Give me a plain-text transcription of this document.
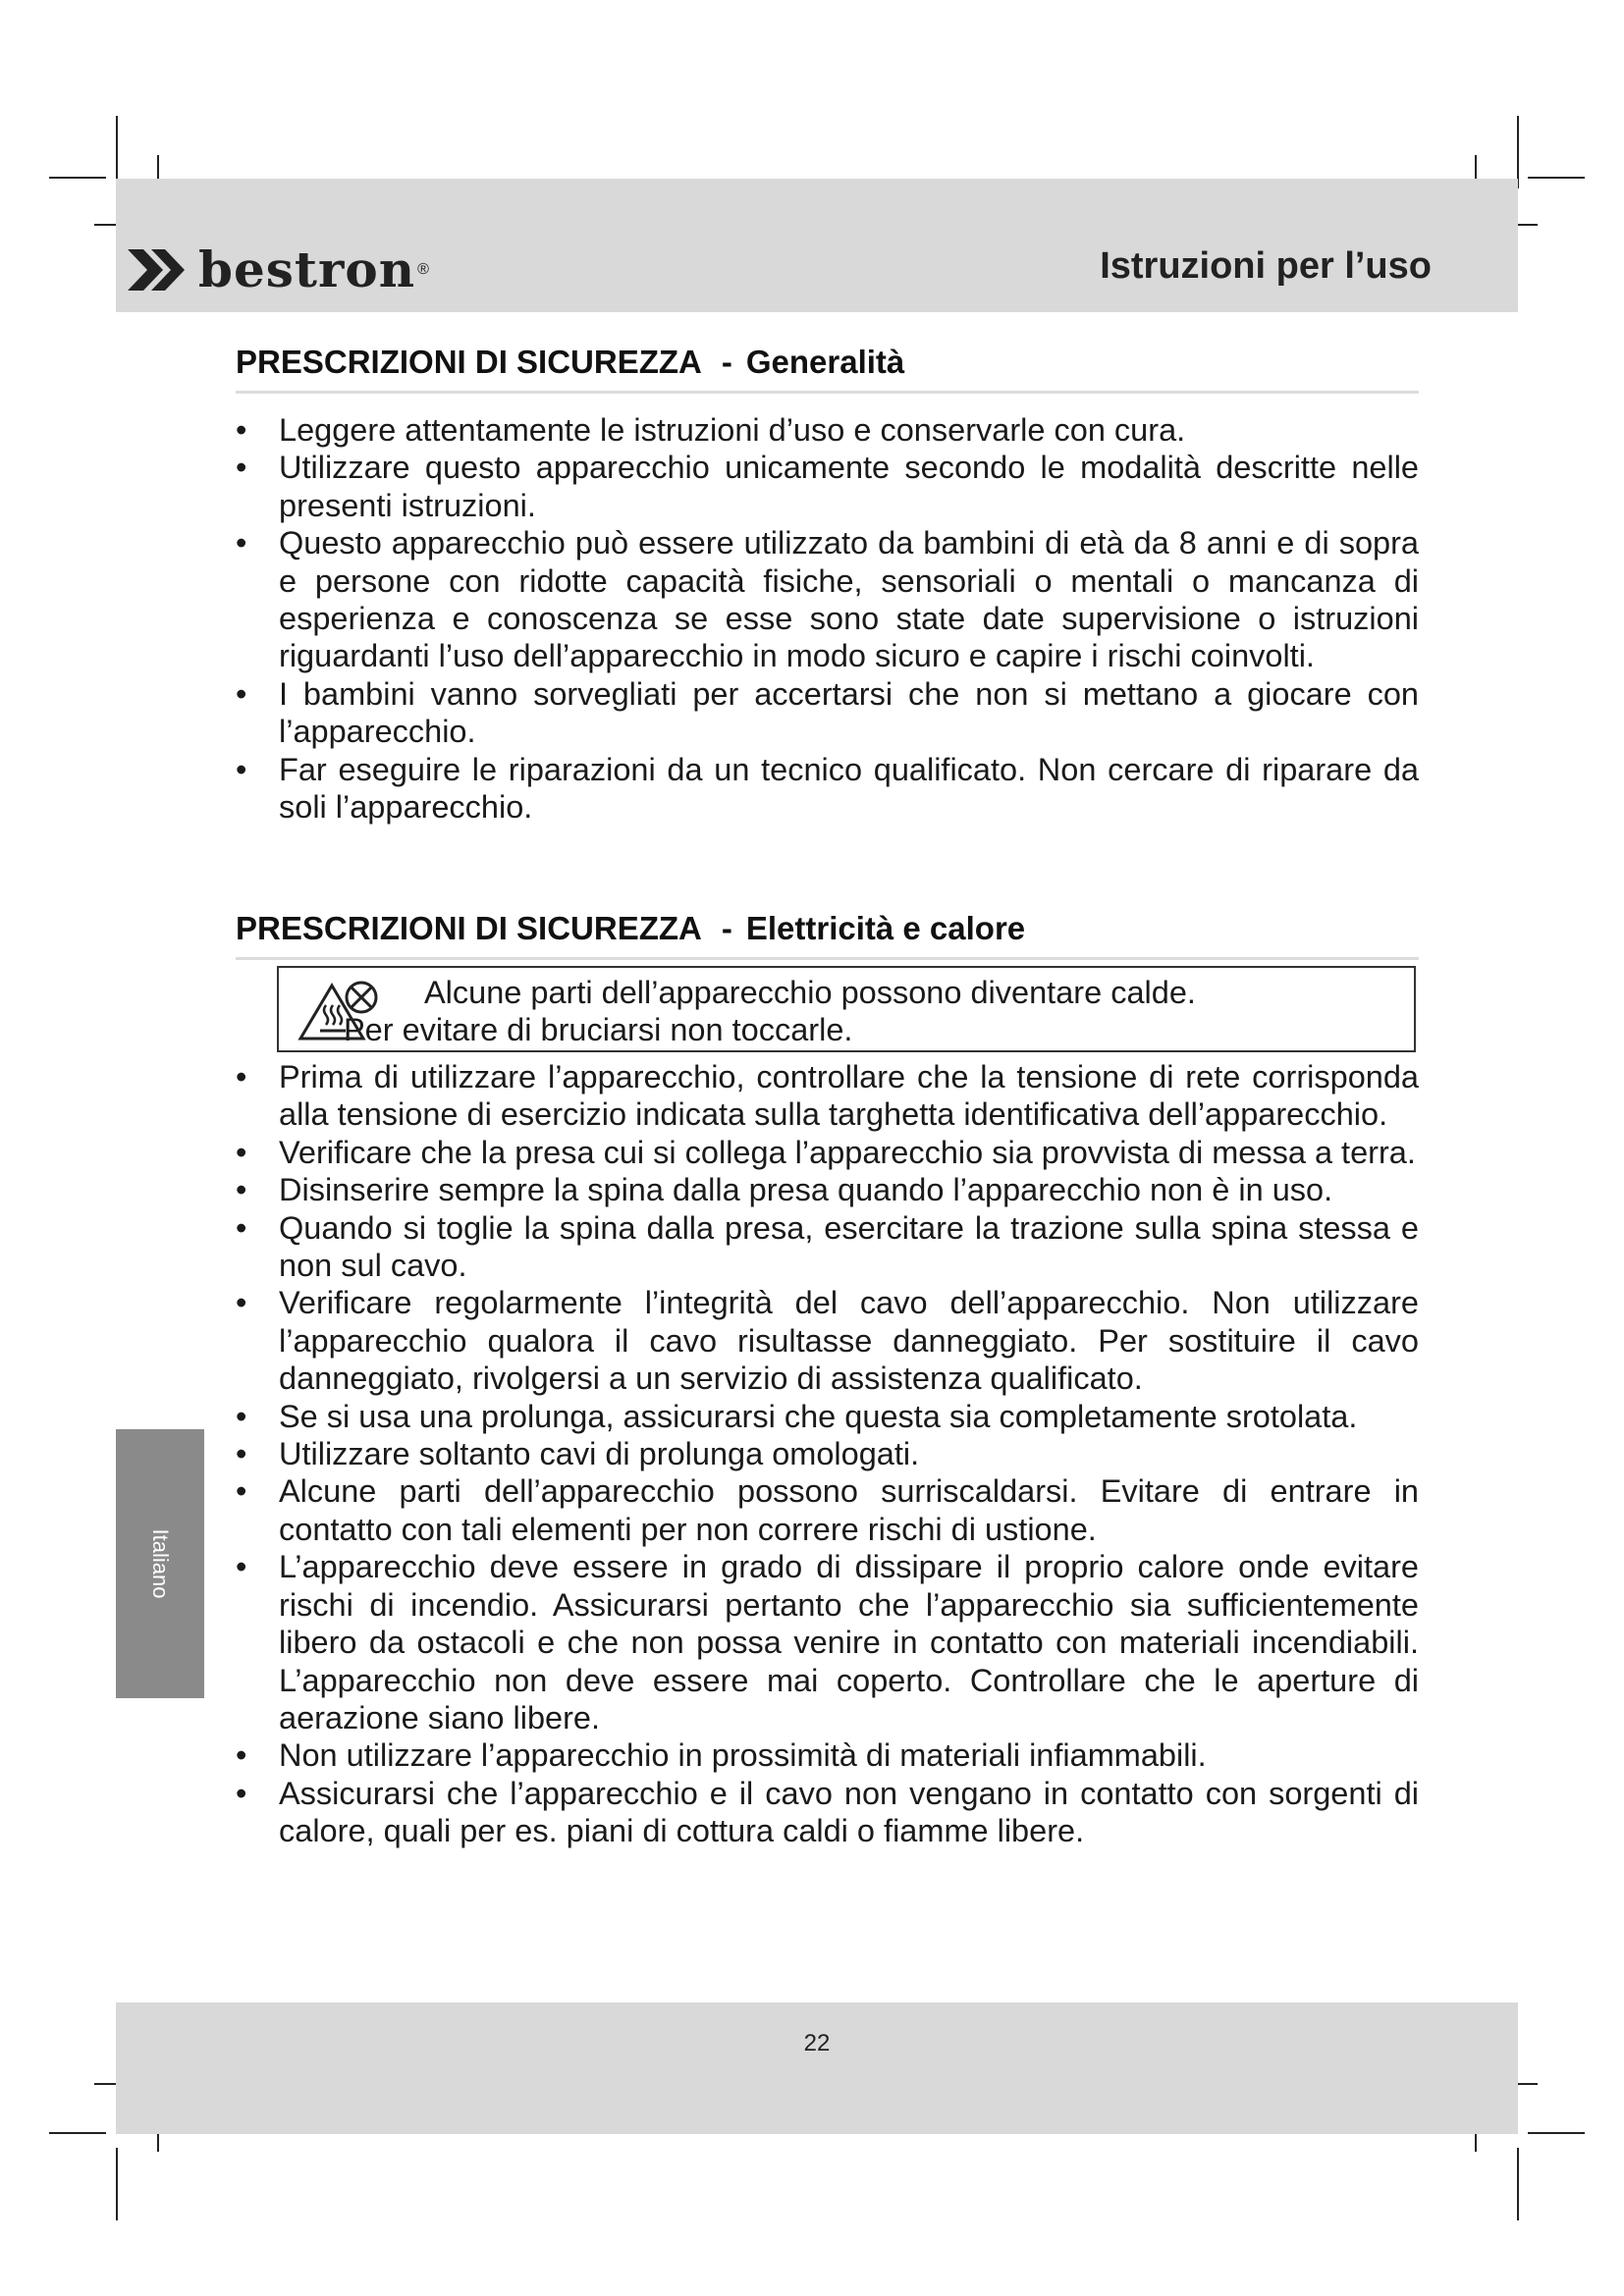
bestron ®	Istruzioni per l’uso
PRESCRIZIONI DI SICUREZZA - Generalità
• Leggere attentamente le istruzioni d’uso e conservarle con cura.
• Utilizzare questo apparecchio unicamente secondo le modalità descritte nelle presenti istruzioni.
• Questo apparecchio può essere utilizzato da bambini di età da 8 anni e di sopra e persone con ridotte capacità fisiche, sensoriali o mentali o mancanza di esperienza e conoscenza se esse sono state date supervisione o istruzioni riguardanti l’uso dell’apparecchio in modo sicuro e capire i rischi coinvolti.
• I bambini vanno sorvegliati per accertarsi che non si mettano a giocare con l’apparecchio.
• Far eseguire le riparazioni da un tecnico qualificato. Non cercare di riparare da soli l’apparecchio.
PRESCRIZIONI DI SICUREZZA - Elettricità e calore
Alcune parti dell’apparecchio possono diventare calde.
Per evitare di bruciarsi non toccarle.
• Prima di utilizzare l’apparecchio, controllare che la tensione di rete corrisponda alla tensione di esercizio indicata sulla targhetta identificativa dell’apparecchio.
• Verificare che la presa cui si collega l’apparecchio sia provvista di messa a terra.
• Disinserire sempre la spina dalla presa quando l’apparecchio non è in uso.
• Quando si toglie la spina dalla presa, esercitare la trazione sulla spina stessa e non sul cavo.
• Verificare regolarmente l’integrità del cavo dell’apparecchio. Non utilizzare l’apparecchio qualora il cavo risultasse danneggiato. Per sostituire il cavo danneggiato, rivolgersi a un servizio di assistenza qualificato.
• Se si usa una prolunga, assicurarsi che questa sia completamente srotolata.
• Utilizzare soltanto cavi di prolunga omologati.
• Alcune parti dell’apparecchio possono surriscaldarsi. Evitare di entrare in contatto con tali elementi per non correre rischi di ustione.
• L’apparecchio deve essere in grado di dissipare il proprio calore onde evitare rischi di incendio. Assicurarsi pertanto che l’apparecchio sia sufficientemente libero da ostacoli e che non possa venire in contatto con materiali incendiabili. L’apparecchio non deve essere mai coperto. Controllare che le aperture di aerazione siano libere.
• Non utilizzare l’apparecchio in prossimità di materiali infiammabili.
• Assicurarsi che l’apparecchio e il cavo non vengano in contatto con sorgenti di calore, quali per es. piani di cottura caldi o fiamme libere.
Italiano
22
